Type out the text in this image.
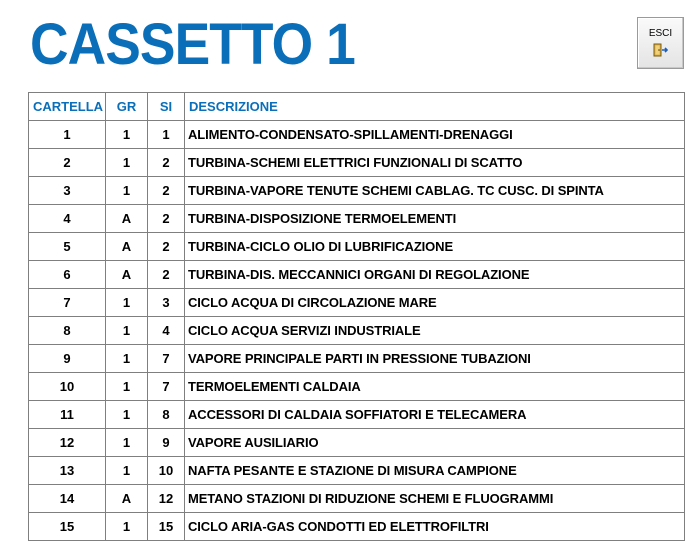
CASSETTO 1	ESCI
CARTELLA	GR	SI	DESCRIZIONE
1	1	1	ALIMENTO-CONDENSATO-SPILLAMENTI-DRENAGGI
2	1	2	TURBINA-SCHEMI ELETTRICI FUNZIONALI DI SCATTO
3	1	2	TURBINA-VAPORE TENUTE SCHEMI CABLAG. TC CUSC. DI SPINTA
4	A	2	TURBINA-DISPOSIZIONE TERMOELEMENTI
5	A	2	TURBINA-CICLO OLIO DI LUBRIFICAZIONE
6	A	2	TURBINA-DIS. MECCANNICI ORGANI DI REGOLAZIONE
7	1	3	CICLO ACQUA DI CIRCOLAZIONE MARE
8	1	4	CICLO ACQUA SERVIZI INDUSTRIALE
9	1	7	VAPORE PRINCIPALE PARTI IN PRESSIONE TUBAZIONI
10	1	7	TERMOELEMENTI CALDAIA
11	1	8	ACCESSORI DI CALDAIA SOFFIATORI E TELECAMERA
12	1	9	VAPORE AUSILIARIO
13	1	10	NAFTA PESANTE E STAZIONE DI MISURA CAMPIONE
14	A	12	METANO STAZIONI DI RIDUZIONE SCHEMI E FLUOGRAMMI
15	1	15	CICLO ARIA-GAS CONDOTTI ED ELETTROFILTRI
